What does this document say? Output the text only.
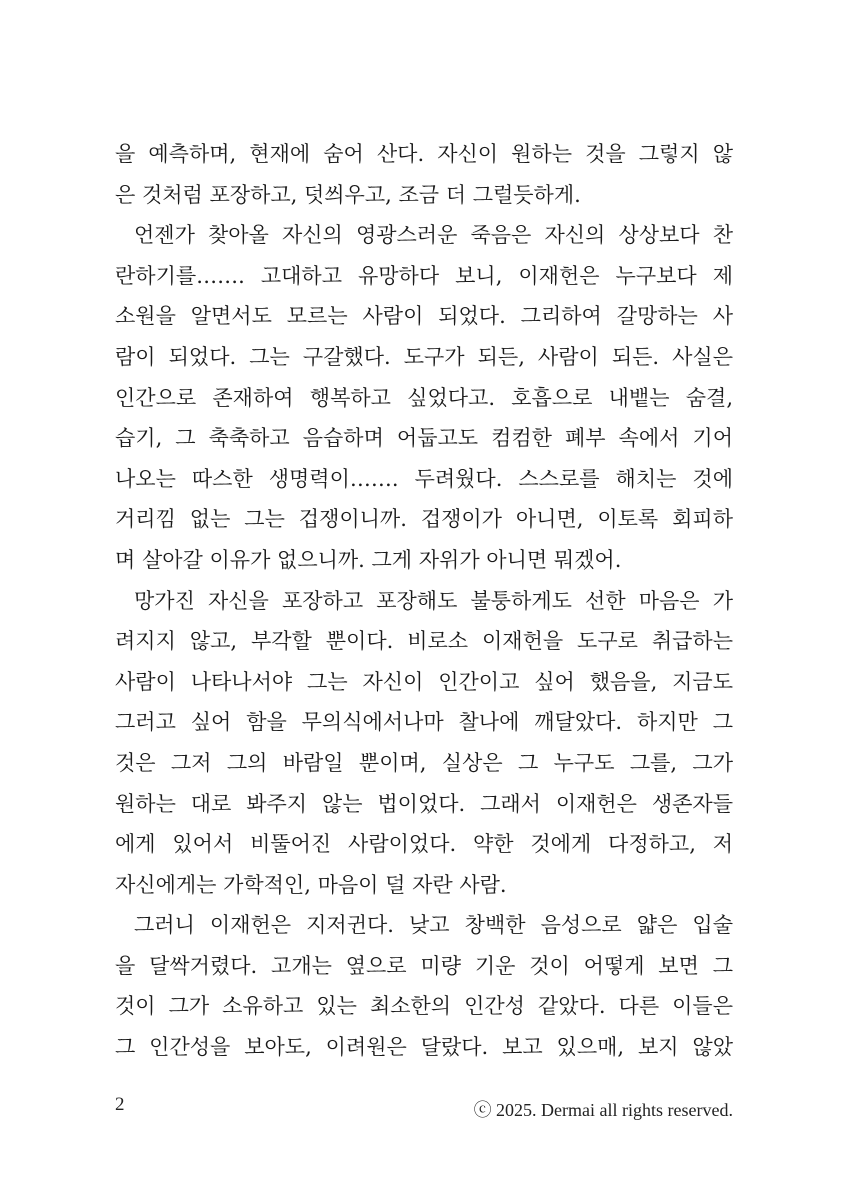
을 예측하며, 현재에 숨어 산다. 자신이 원하는 것을 그렇지 않
은 것처럼 포장하고, 덧씌우고, 조금 더 그럴듯하게.
언젠가 찾아올 자신의 영광스러운 죽음은 자신의 상상보다 찬
란하기를……. 고대하고 유망하다 보니, 이재헌은 누구보다 제
소원을 알면서도 모르는 사람이 되었다. 그리하여 갈망하는 사
람이 되었다. 그는 구갈했다. 도구가 되든, 사람이 되든. 사실은
인간으로 존재하여 행복하고 싶었다고. 호흡으로 내뱉는 숨결,
습기, 그 축축하고 음습하며 어둡고도 컴컴한 폐부 속에서 기어
나오는 따스한 생명력이……. 두려웠다. 스스로를 해치는 것에
거리낌 없는 그는 겁쟁이니까. 겁쟁이가 아니면, 이토록 회피하
며 살아갈 이유가 없으니까. 그게 자위가 아니면 뭐겠어.
망가진 자신을 포장하고 포장해도 불퉁하게도 선한 마음은 가
려지지 않고, 부각할 뿐이다. 비로소 이재헌을 도구로 취급하는
사람이 나타나서야 그는 자신이 인간이고 싶어 했음을, 지금도
그러고 싶어 함을 무의식에서나마 찰나에 깨달았다. 하지만 그
것은 그저 그의 바람일 뿐이며, 실상은 그 누구도 그를, 그가
원하는 대로 봐주지 않는 법이었다. 그래서 이재헌은 생존자들
에게 있어서 비뚤어진 사람이었다. 약한 것에게 다정하고, 저
자신에게는 가학적인, 마음이 덜 자란 사람.
그러니 이재헌은 지저귄다. 낮고 창백한 음성으로 얇은 입술
을 달싹거렸다. 고개는 옆으로 미량 기운 것이 어떻게 보면 그
것이 그가 소유하고 있는 최소한의 인간성 같았다. 다른 이들은
그 인간성을 보아도, 이려원은 달랐다. 보고 있으매, 보지 않았
2	ⓒ 2025. Dermai all rights reserved.
